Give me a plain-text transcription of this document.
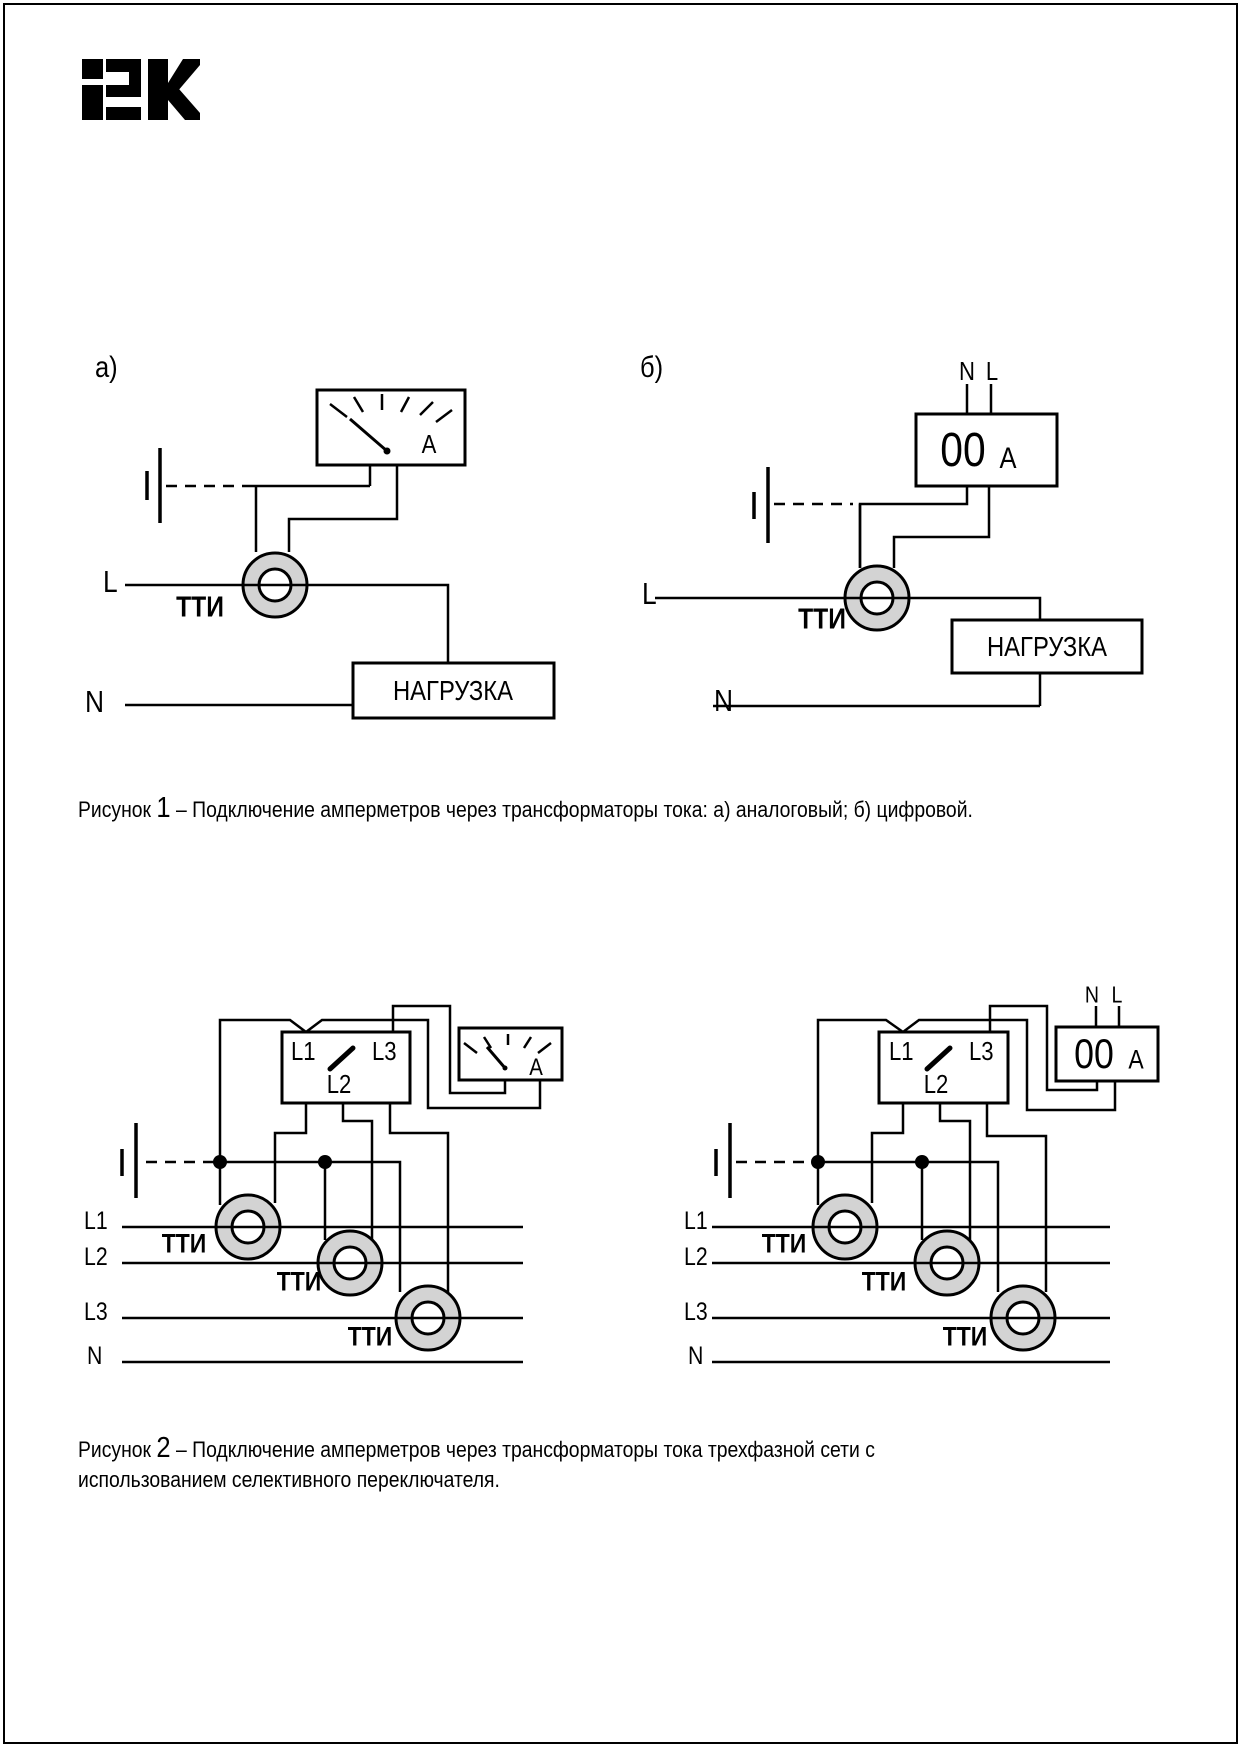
а)
А
L
ТТИ
НАГРУЗКА
N
б)	N L
00 А
L
ТТИ
НАГРУЗКА
N
Рисунок 1 – Подключение амперметров через трансформаторы тока: а) аналоговый; б) цифровой.
L1 L3
L2
А
L1
L2
L3
N
ТТИ
ТТИ
ТТИ
L1 L3
L2
N L
00 А
L1
L2
L3
N
ТТИ
ТТИ
ТТИ
Рисунок 2 – Подключение амперметров через трансформаторы тока трехфазной сети с использованием селективного переключателя.
